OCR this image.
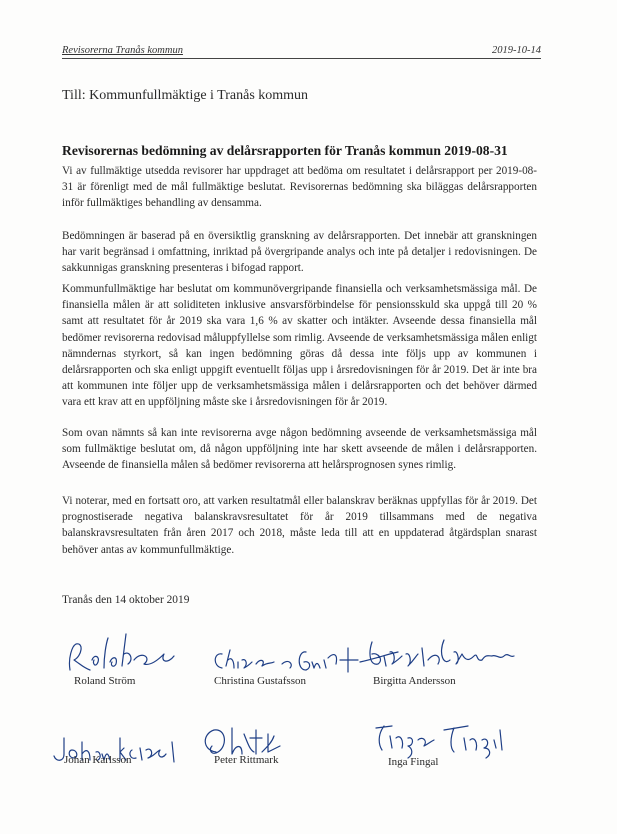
Revisorerna Tranås kommun	2019-10-14
Till: Kommunfullmäktige i Tranås kommun
Revisorernas bedömning av delårsrapporten för Tranås kommun 2019-08-31

Vi av fullmäktige utsedda revisorer har uppdraget att bedöma om resultatet i delårsrapport per 2019-08-31 är förenligt med de mål fullmäktige beslutat. Revisorernas bedömning ska biläggas delårsrapporten inför fullmäktiges behandling av densamma.

Bedömningen är baserad på en översiktlig granskning av delårsrapporten. Det innebär att granskningen har varit begränsad i omfattning, inriktad på övergripande analys och inte på detaljer i redovisningen. De sakkunnigas granskning presenteras i bifogad rapport.

Kommunfullmäktige har beslutat om kommunövergripande finansiella och verksamhetsmässiga mål. De finansiella målen är att soliditeten inklusive ansvarsförbindelse för pensionsskuld ska uppgå till 20 % samt att resultatet för år 2019 ska vara 1,6 % av skatter och intäkter. Avseende dessa finansiella mål bedömer revisorerna redovisad måluppfyllelse som rimlig. Avseende de verksamhetsmässiga målen enligt nämndernas styrkort, så kan ingen bedömning göras då dessa inte följs upp av kommunen i delårsrapporten och ska enligt uppgift eventuellt följas upp i årsredovisningen för år 2019. Det är inte bra att kommunen inte följer upp de verksamhetsmässiga målen i delårsrapporten och det behöver därmed vara ett krav att en uppföljning måste ske i årsredovisningen för år 2019.

Som ovan nämnts så kan inte revisorerna avge någon bedömning avseende de verksamhetsmässiga mål som fullmäktige beslutat om, då någon uppföljning inte har skett avseende de målen i delårsrapporten. Avseende de finansiella målen så bedömer revisorerna att helårsprognosen synes rimlig.

Vi noterar, med en fortsatt oro, att varken resultatmål eller balanskrav beräknas uppfyllas för år 2019. Det prognostiserade negativa balanskravsresultatet för år 2019 tillsammans med de negativa balanskravsresultaten från åren 2017 och 2018, måste leda till att en uppdaterad åtgärdsplan snarast behöver antas av kommunfullmäktige.

Tranås den 14 oktober 2019
Roland Ström	Christina Gustafsson	Birgitta Andersson
Johan Karlsson	Peter Rittmark	Inga Fingal
